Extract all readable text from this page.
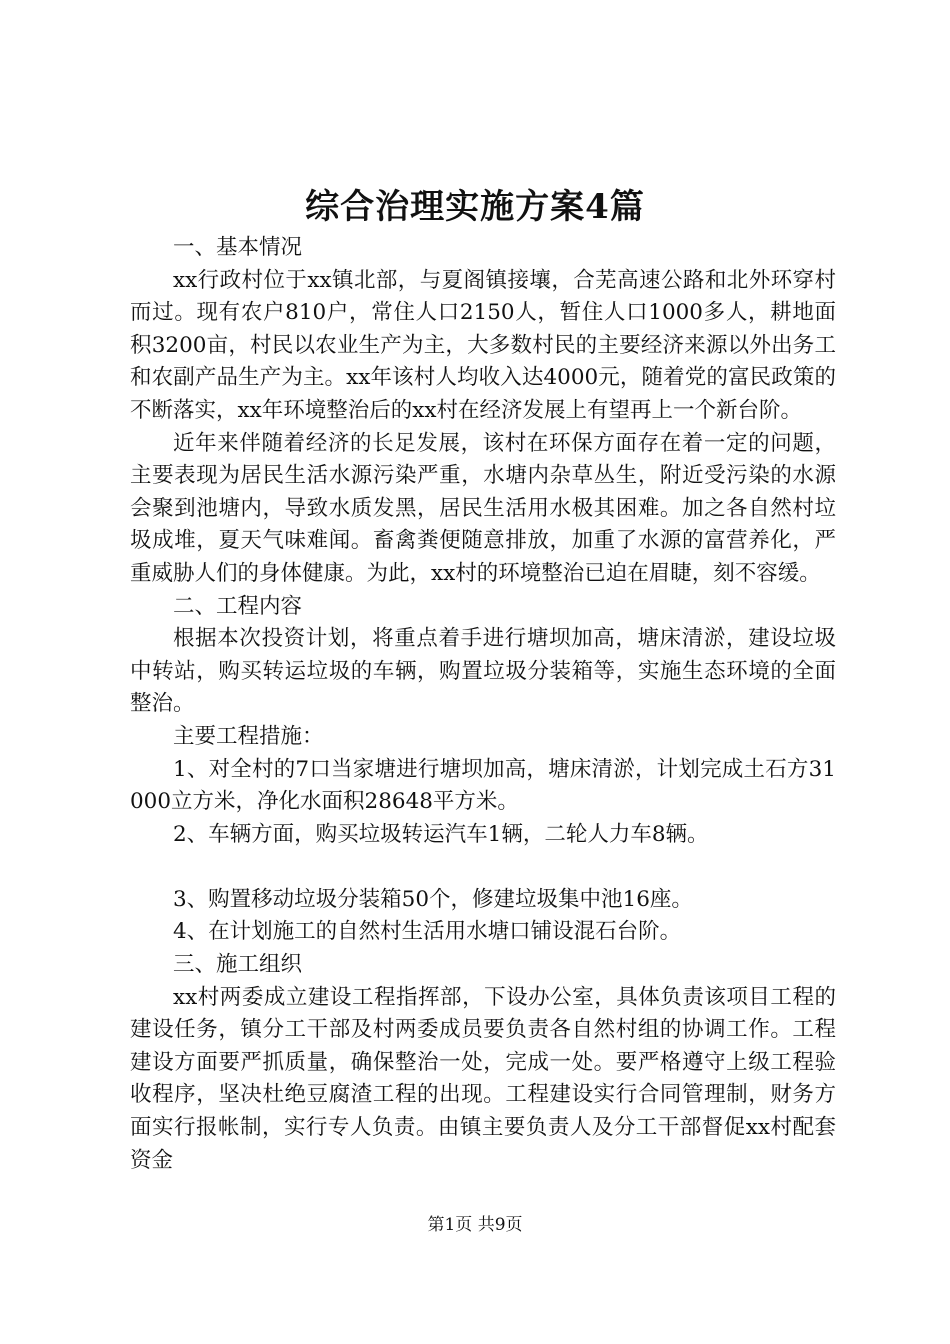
综合治理实施方案4篇

一、基本情况

xx行政村位于xx镇北部，与夏阁镇接壤，合芜高速公路和北外环穿村而过。现有农户810户，常住人口2150人，暂住人口1000多人，耕地面积3200亩，村民以农业生产为主，大多数村民的主要经济来源以外出务工和农副产品生产为主。xx年该村人均收入达4000元，随着党的富民政策的不断落实，xx年环境整治后的xx村在经济发展上有望再上一个新台阶。

近年来伴随着经济的长足发展，该村在环保方面存在着一定的问题，主要表现为居民生活水源污染严重，水塘内杂草丛生，附近受污染的水源会聚到池塘内，导致水质发黑，居民生活用水极其困难。加之各自然村垃圾成堆，夏天气味难闻。畜禽粪便随意排放，加重了水源的富营养化，严重威胁人们的身体健康。为此，xx村的环境整治已迫在眉睫，刻不容缓。

二、工程内容

根据本次投资计划，将重点着手进行塘坝加高，塘床清淤，建设垃圾中转站，购买转运垃圾的车辆，购置垃圾分装箱等，实施生态环境的全面整治。

主要工程措施：

1、对全村的7口当家塘进行塘坝加高，塘床清淤，计划完成土石方31000立方米，净化水面积28648平方米。

2、车辆方面，购买垃圾转运汽车1辆，二轮人力车8辆。

3、购置移动垃圾分装箱50个，修建垃圾集中池16座。

4、在计划施工的自然村生活用水塘口铺设混石台阶。

三、施工组织

xx村两委成立建设工程指挥部，下设办公室，具体负责该项目工程的建设任务，镇分工干部及村两委成员要负责各自然村组的协调工作。工程建设方面要严抓质量，确保整治一处，完成一处。要严格遵守上级工程验收程序，坚决杜绝豆腐渣工程的出现。工程建设实行合同管理制，财务方面实行报帐制，实行专人负责。由镇主要负责人及分工干部督促xx村配套资金

第1页 共9页
